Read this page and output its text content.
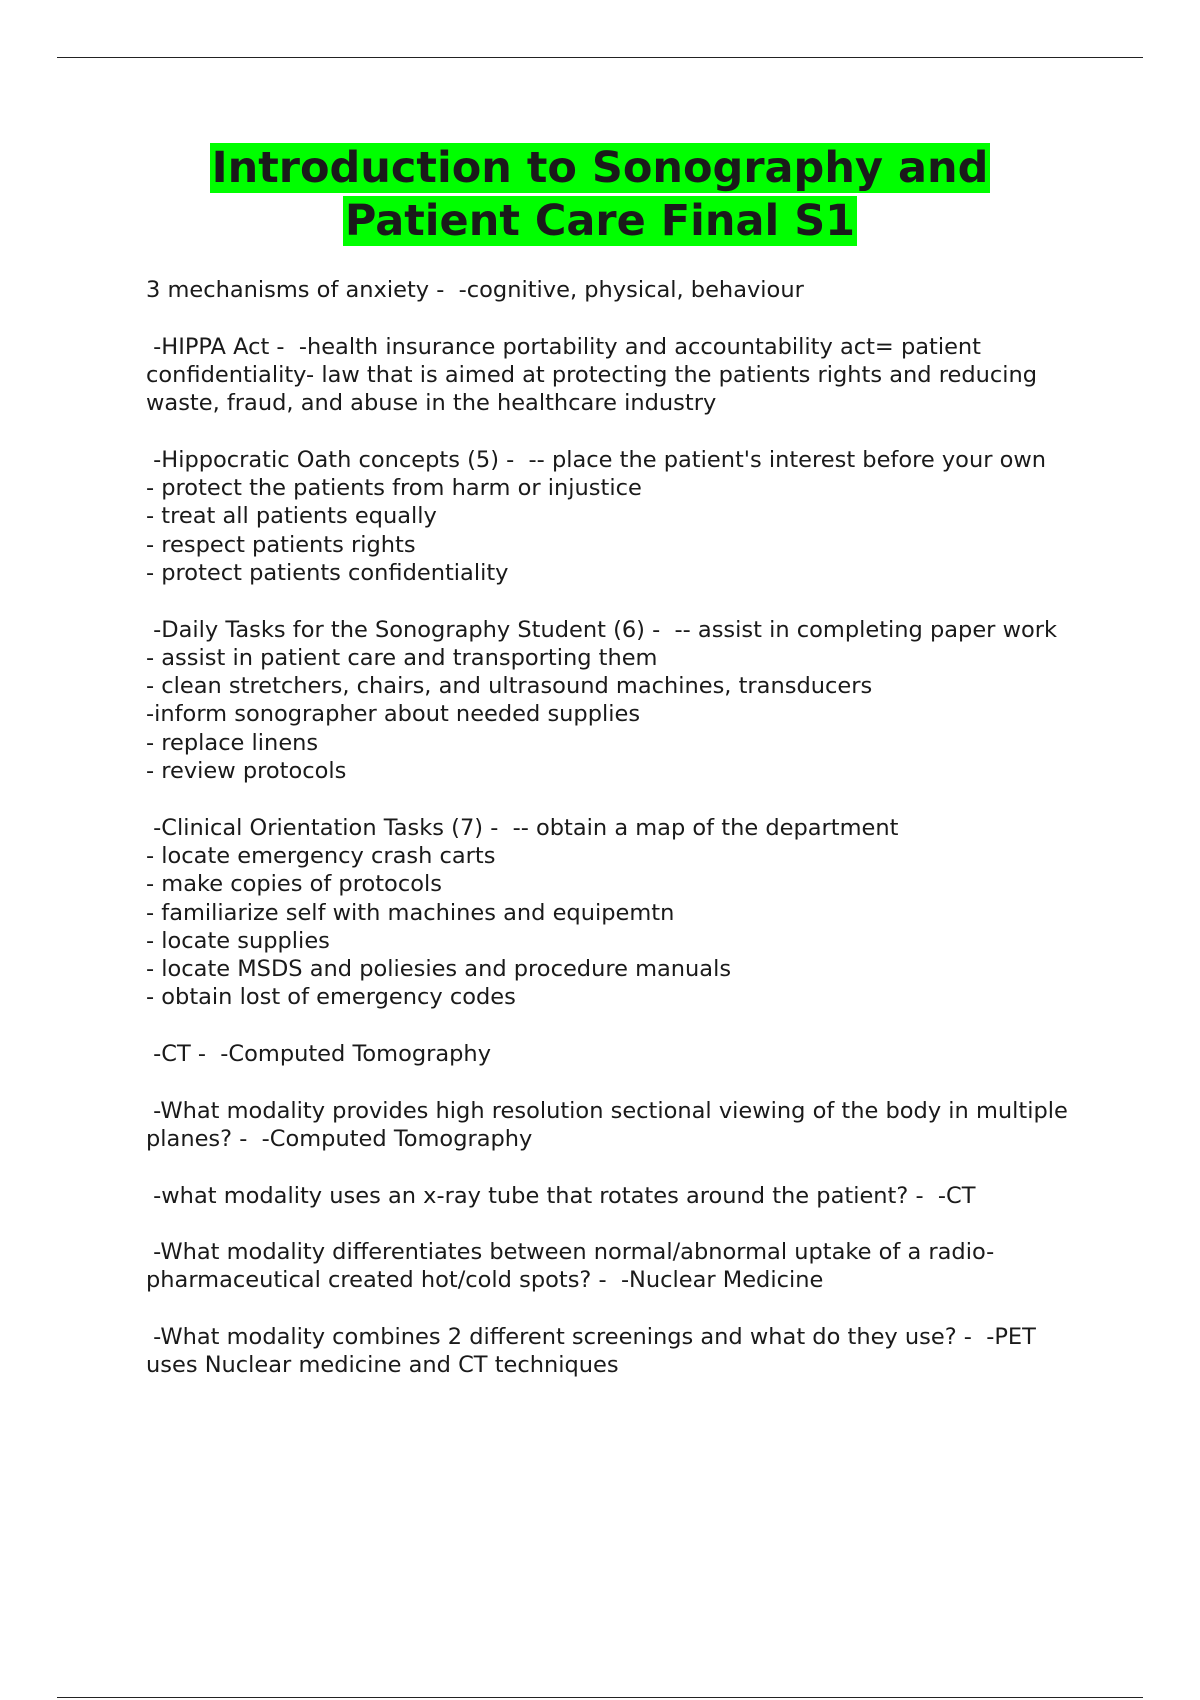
Introduction to Sonography and
Patient Care Final S1

3 mechanisms of anxiety -  -cognitive, physical, behaviour

-HIPPA Act -  -health insurance portability and accountability act= patient confidentiality- law that is aimed at protecting the patients rights and reducing waste, fraud, and abuse in the healthcare industry

-Hippocratic Oath concepts (5) -  -- place the patient's interest before your own
- protect the patients from harm or injustice
- treat all patients equally
- respect patients rights
- protect patients confidentiality

-Daily Tasks for the Sonography Student (6) -  -- assist in completing paper work
- assist in patient care and transporting them
- clean stretchers, chairs, and ultrasound machines, transducers
-inform sonographer about needed supplies
- replace linens
- review protocols

-Clinical Orientation Tasks (7) -  -- obtain a map of the department
- locate emergency crash carts
- make copies of protocols
- familiarize self with machines and equipemtn
- locate supplies
- locate MSDS and poliesies and procedure manuals
- obtain lost of emergency codes

-CT -  -Computed Tomography

-What modality provides high resolution sectional viewing of the body in multiple planes? -  -Computed Tomography

-what modality uses an x-ray tube that rotates around the patient? -  -CT

-What modality differentiates between normal/abnormal uptake of a radio-pharmaceutical created hot/cold spots? -  -Nuclear Medicine

-What modality combines 2 different screenings and what do they use? -  -PET uses Nuclear medicine and CT techniques
